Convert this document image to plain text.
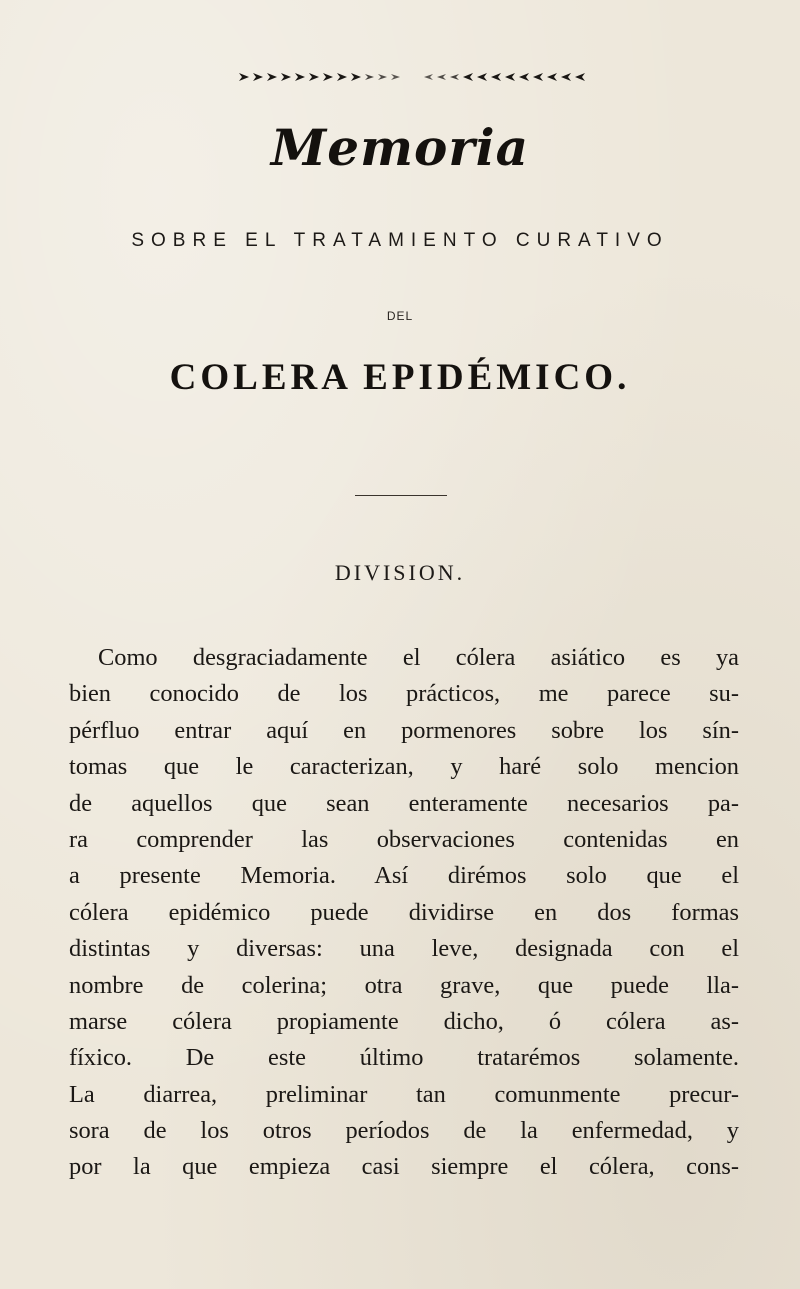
Memoria
SOBRE EL TRATAMIENTO CURATIVO
DEL
COLERA EPIDÉMICO.
DIVISION.
Como desgraciadamente el cólera asiático es ya
bien conocido de los prácticos, me parece su-
pérfluo entrar aquí en pormenores sobre los sín-
tomas que le caracterizan, y haré solo mencion
de aquellos que sean enteramente necesarios pa-
ra comprender las observaciones contenidas en
a presente Memoria. Así dirémos solo que el
cólera epidémico puede dividirse en dos formas
distintas y diversas: una leve, designada con el
nombre de colerina; otra grave, que puede lla-
marse cólera propiamente dicho, ó cólera as-
fíxico. De este último tratarémos solamente.
La diarrea, preliminar tan comunmente precur-
sora de los otros períodos de la enfermedad, y
por la que empieza casi siempre el cólera, cons-
